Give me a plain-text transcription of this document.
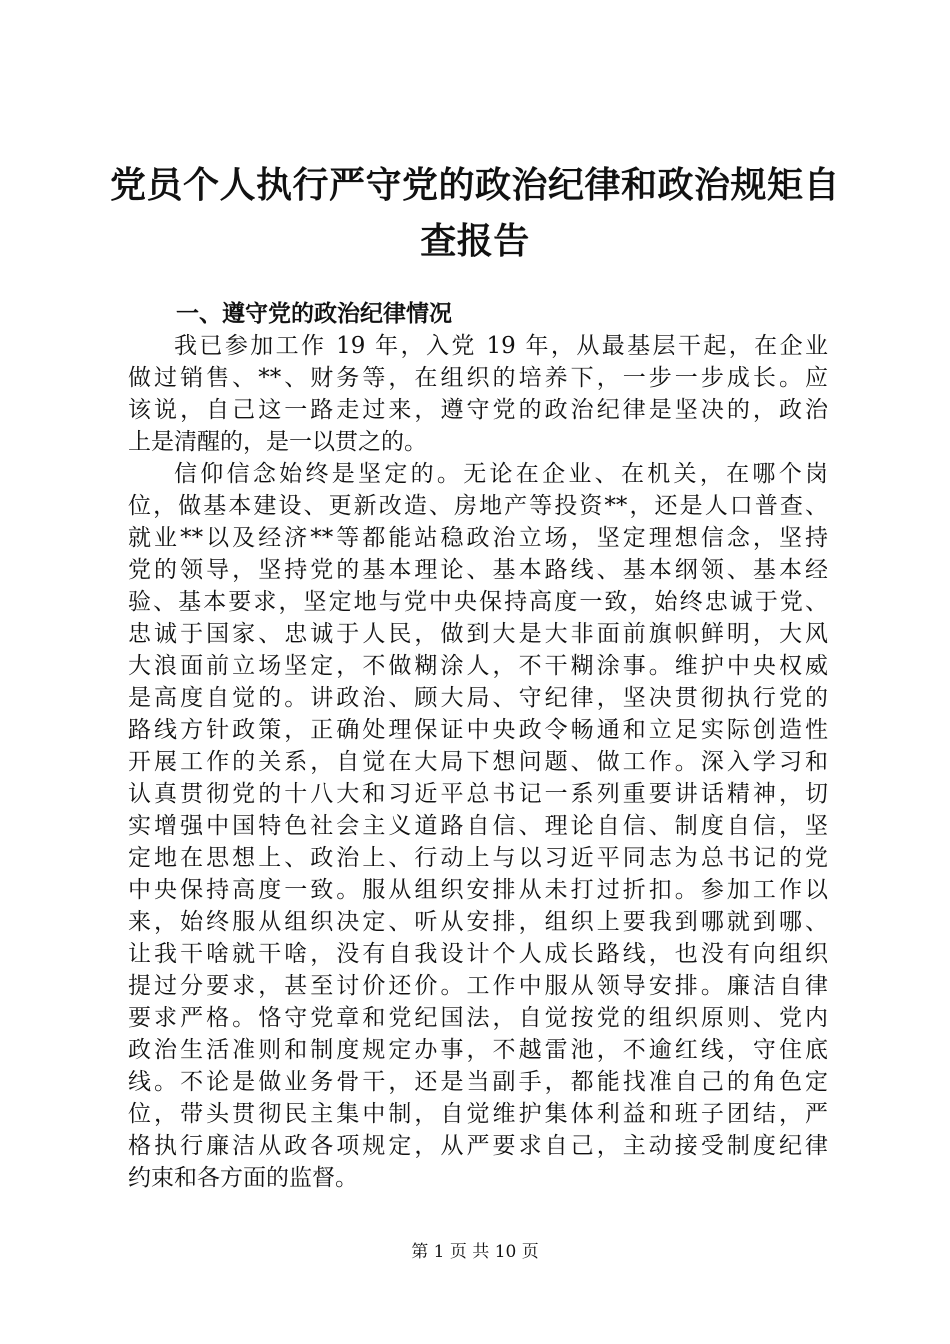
党员个人执行严守党的政治纪律和政治规矩自
查报告
一、遵守党的政治纪律情况
我已参加工作 19 年，入党 19 年，从最基层干起，在企业
做过销售、**、财务等，在组织的培养下，一步一步成长。应
该说，自己这一路走过来，遵守党的政治纪律是坚决的，政治
上是清醒的，是一以贯之的。
信仰信念始终是坚定的。无论在企业、在机关，在哪个岗
位，做基本建设、更新改造、房地产等投资**，还是人口普查、
就业**以及经济**等都能站稳政治立场，坚定理想信念，坚持
党的领导，坚持党的基本理论、基本路线、基本纲领、基本经
验、基本要求，坚定地与党中央保持高度一致，始终忠诚于党、
忠诚于国家、忠诚于人民，做到大是大非面前旗帜鲜明，大风
大浪面前立场坚定，不做糊涂人，不干糊涂事。维护中央权威
是高度自觉的。讲政治、顾大局、守纪律，坚决贯彻执行党的
路线方针政策，正确处理保证中央政令畅通和立足实际创造性
开展工作的关系，自觉在大局下想问题、做工作。深入学习和
认真贯彻党的十八大和习近平总书记一系列重要讲话精神，切
实增强中国特色社会主义道路自信、理论自信、制度自信，坚
定地在思想上、政治上、行动上与以习近平同志为总书记的党
中央保持高度一致。服从组织安排从未打过折扣。参加工作以
来，始终服从组织决定、听从安排，组织上要我到哪就到哪、
让我干啥就干啥，没有自我设计个人成长路线，也没有向组织
提过分要求，甚至讨价还价。工作中服从领导安排。廉洁自律
要求严格。恪守党章和党纪国法，自觉按党的组织原则、党内
政治生活准则和制度规定办事，不越雷池，不逾红线，守住底
线。不论是做业务骨干，还是当副手，都能找准自己的角色定
位，带头贯彻民主集中制，自觉维护集体利益和班子团结，严
格执行廉洁从政各项规定，从严要求自己，主动接受制度纪律
约束和各方面的监督。
第 1 页 共 10 页
